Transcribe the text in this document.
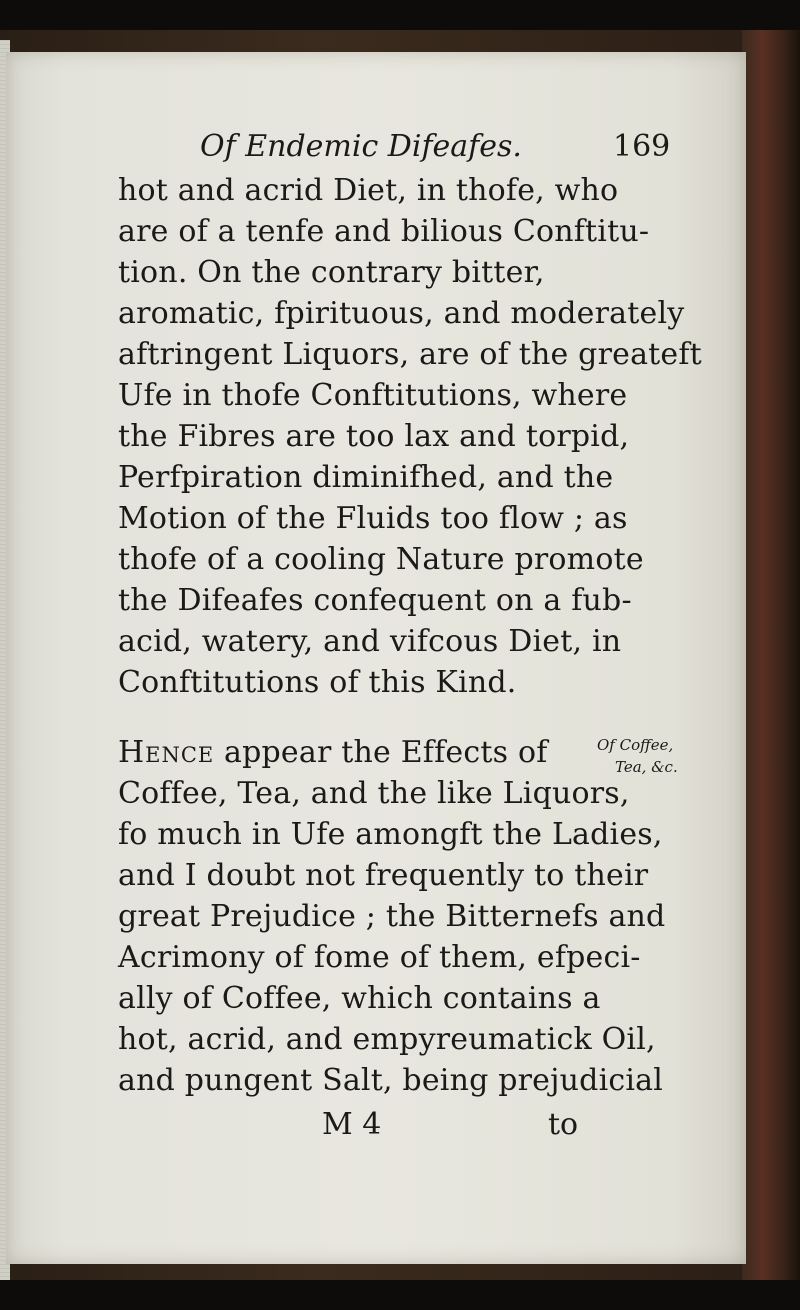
Of Endemic Difeafes.	169
hot and acrid Diet, in thofe, who
are of a tenfe and bilious Conftitu-
tion. On the contrary bitter,
aromatic, fpirituous, and moderately
aftringent Liquors, are of the greateft
Ufe in thofe Conftitutions, where
the Fibres are too lax and torpid,
Perfpiration diminifhed, and the
Motion of the Fluids too flow ; as
thofe of a cooling Nature promote
the Difeafes confequent on a fub-
acid, watery, and vifcous Diet, in
Conftitutions of this Kind.
Hence appear the Effects of	Of Coffee,
Tea, &c.
Coffee, Tea, and the like Liquors,
fo much in Ufe amongft the Ladies,
and I doubt not frequently to their
great Prejudice ; the Bitternefs and
Acrimony of fome of them, efpeci-
ally of Coffee, which contains a
hot, acrid, and empyreumatick Oil,
and pungent Salt, being prejudicial
M 4	to
